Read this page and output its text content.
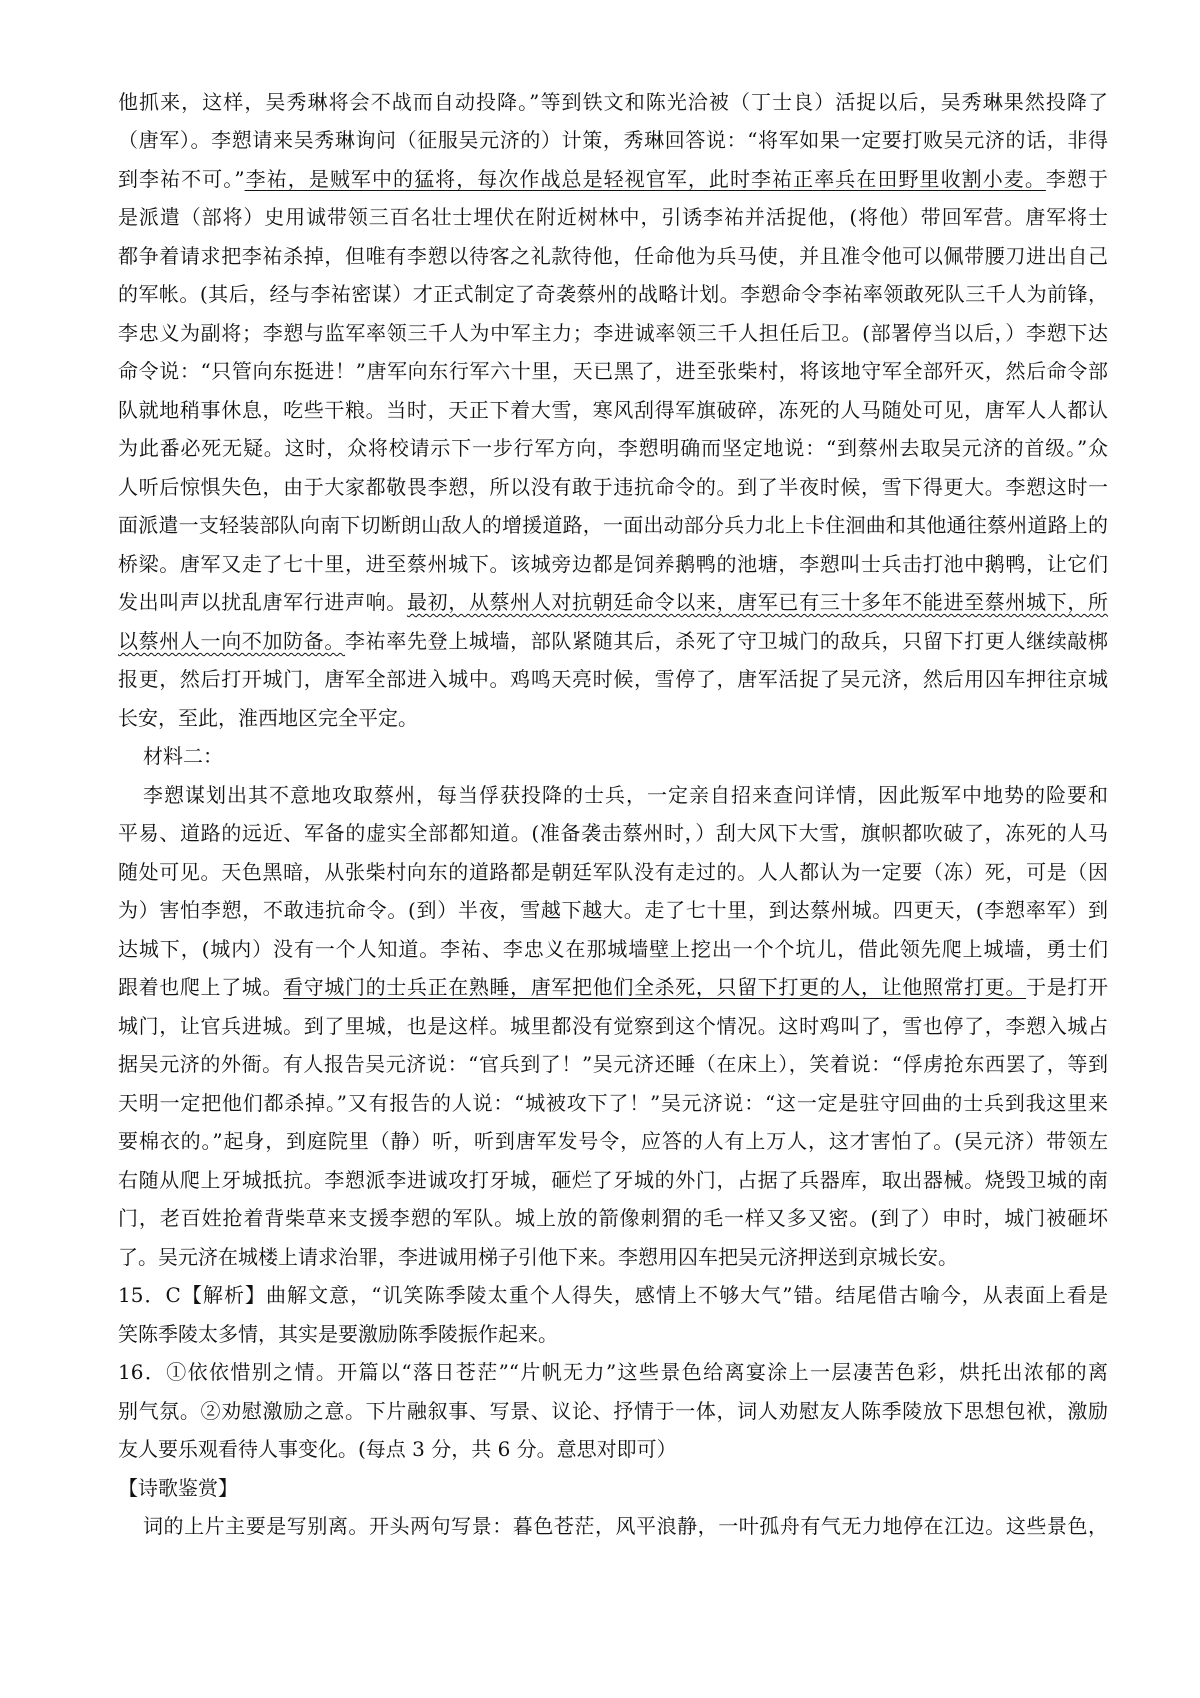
他抓来，这样，吴秀琳将会不战而自动投降。”等到铁文和陈光洽被（丁士良）活捉以后，吴秀琳果然投降了
（唐军）。李愬请来吴秀琳询问（征服吴元济的）计策，秀琳回答说：“将军如果一定要打败吴元济的话，非得
到李祐不可。”李祐，是贼军中的猛将，每次作战总是轻视官军，此时李祐正率兵在田野里收割小麦。李愬于
是派遣（部将）史用诚带领三百名壮士埋伏在附近树林中，引诱李祐并活捉他，(将他）带回军营。唐军将士
都争着请求把李祐杀掉，但唯有李愬以待客之礼款待他，任命他为兵马使，并且准令他可以佩带腰刀进出自己
的军帐。(其后，经与李祐密谋）才正式制定了奇袭蔡州的战略计划。李愬命令李祐率领敢死队三千人为前锋，
李忠义为副将；李愬与监军率领三千人为中军主力；李进诚率领三千人担任后卫。(部署停当以后，）李愬下达
命令说：“只管向东挺进！”唐军向东行军六十里，天已黑了，进至张柴村，将该地守军全部歼灭，然后命令部
队就地稍事休息，吃些干粮。当时，天正下着大雪，寒风刮得军旗破碎，冻死的人马随处可见，唐军人人都认
为此番必死无疑。这时，众将校请示下一步行军方向，李愬明确而坚定地说：“到蔡州去取吴元济的首级。”众
人听后惊惧失色，由于大家都敬畏李愬，所以没有敢于违抗命令的。到了半夜时候，雪下得更大。李愬这时一
面派遣一支轻装部队向南下切断朗山敌人的增援道路，一面出动部分兵力北上卡住洄曲和其他通往蔡州道路上的
桥梁。唐军又走了七十里，进至蔡州城下。该城旁边都是饲养鹅鸭的池塘，李愬叫士兵击打池中鹅鸭，让它们
发出叫声以扰乱唐军行进声响。最初，从蔡州人对抗朝廷命令以来，唐军已有三十多年不能进至蔡州城下，所
以蔡州人一向不加防备。李祐率先登上城墙，部队紧随其后，杀死了守卫城门的敌兵，只留下打更人继续敲梆
报更，然后打开城门，唐军全部进入城中。鸡鸣天亮时候，雪停了，唐军活捉了吴元济，然后用囚车押往京城
长安，至此，淮西地区完全平定。
材料二：
李愬谋划出其不意地攻取蔡州，每当俘获投降的士兵，一定亲自招来查问详情，因此叛军中地势的险要和
平易、道路的远近、军备的虚实全部都知道。(准备袭击蔡州时，）刮大风下大雪，旗帜都吹破了，冻死的人马
随处可见。天色黑暗，从张柴村向东的道路都是朝廷军队没有走过的。人人都认为一定要（冻）死，可是（因
为）害怕李愬，不敢违抗命令。(到）半夜，雪越下越大。走了七十里，到达蔡州城。四更天，(李愬率军）到
达城下，(城内）没有一个人知道。李祐、李忠义在那城墙壁上挖出一个个坑儿，借此领先爬上城墙，勇士们
跟着也爬上了城。看守城门的士兵正在熟睡，唐军把他们全杀死，只留下打更的人，让他照常打更。于是打开
城门，让官兵进城。到了里城，也是这样。城里都没有觉察到这个情况。这时鸡叫了，雪也停了，李愬入城占
据吴元济的外衙。有人报告吴元济说：“官兵到了！”吴元济还睡（在床上），笑着说：“俘虏抢东西罢了，等到
天明一定把他们都杀掉。”又有报告的人说：“城被攻下了！”吴元济说：“这一定是驻守回曲的士兵到我这里来
要棉衣的。”起身，到庭院里（静）听，听到唐军发号令，应答的人有上万人，这才害怕了。(吴元济）带领左
右随从爬上牙城抵抗。李愬派李进诚攻打牙城，砸烂了牙城的外门，占据了兵器库，取出器械。烧毁卫城的南
门，老百姓抢着背柴草来支援李愬的军队。城上放的箭像刺猬的毛一样又多又密。(到了）申时，城门被砸坏
了。吴元济在城楼上请求治罪，李进诚用梯子引他下来。李愬用囚车把吴元济押送到京城长安。
15．C【解析】曲解文意，“讥笑陈季陵太重个人得失，感情上不够大气”错。结尾借古喻今，从表面上看是
笑陈季陵太多情，其实是要激励陈季陵振作起来。
16．①依依惜别之情。开篇以“落日苍茫”“片帆无力”这些景色给离宴涂上一层凄苦色彩，烘托出浓郁的离
别气氛。②劝慰激励之意。下片融叙事、写景、议论、抒情于一体，词人劝慰友人陈季陵放下思想包袱，激励
友人要乐观看待人事变化。(每点 3 分，共 6 分。意思对即可）
【诗歌鉴赏】
词的上片主要是写别离。开头两句写景：暮色苍茫，风平浪静，一叶孤舟有气无力地停在江边。这些景色，
